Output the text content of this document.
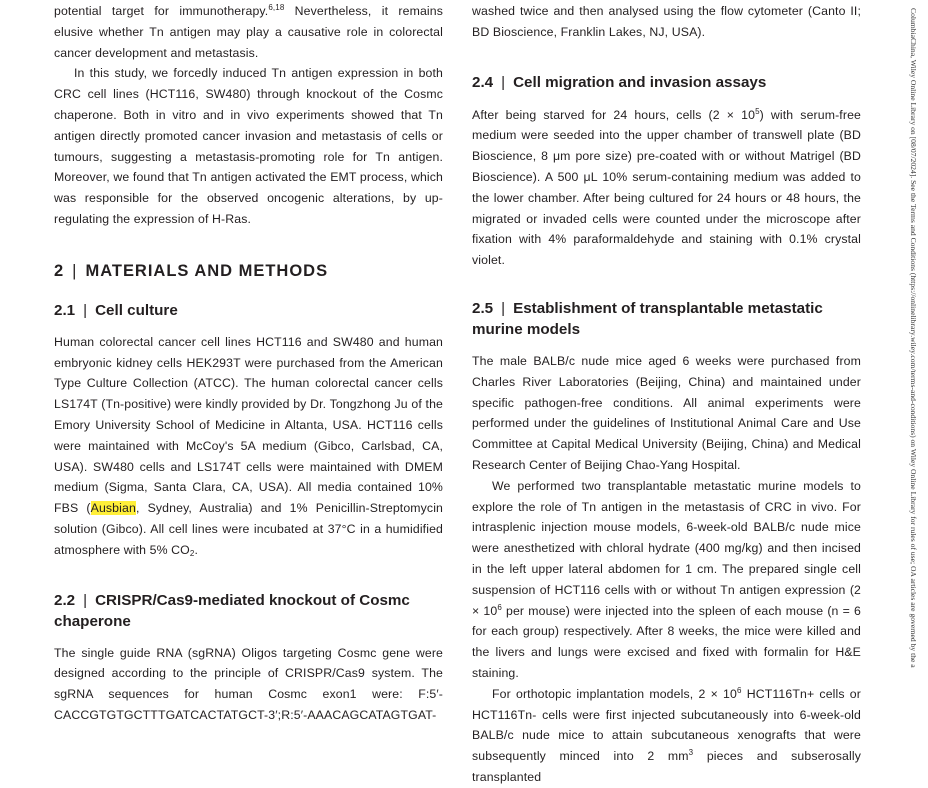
potential target for immunotherapy.$^{6,18}$ Nevertheless, it remains elusive whether Tn antigen may play a causative role in colorectal cancer development and metastasis.

In this study, we forcedly induced Tn antigen expression in both CRC cell lines (HCT116, SW480) through knockout of the Cosmc chaperone. Both in vitro and in vivo experiments showed that Tn antigen directly promoted cancer invasion and metastasis of cells or tumours, suggesting a metastasis-promoting role for Tn antigen. Moreover, we found that Tn antigen activated the EMT process, which was responsible for the observed oncogenic alterations, by up-regulating the expression of H-Ras.

2 | MATERIALS AND METHODS
2.1 | Cell culture

Human colorectal cancer cell lines HCT116 and SW480 and human embryonic kidney cells HEK293T were purchased from the American Type Culture Collection (ATCC). The human colorectal cancer cells LS174T (Tn-positive) were kindly provided by Dr. Tongzhong Ju of the Emory University School of Medicine in Altanta, USA. HCT116 cells were maintained with McCoy's 5A medium (Gibco, Carlsbad, CA, USA). SW480 cells and LS174T cells were maintained with DMEM medium (Sigma, Santa Clara, CA, USA). All media contained 10% FBS (Ausbian, Sydney, Australia) and 1% Penicillin-Streptomycin solution (Gibco). All cell lines were incubated at 37°C in a humidified atmosphere with 5% $CO_2$.

2.2 | CRISPR/Cas9-mediated knockout of Cosmc chaperone

The single guide RNA (sgRNA) Oligos targeting Cosmc gene were designed according to the principle of CRISPR/Cas9 system. The sgRNA sequences for human Cosmc exon1 were: F:5′-CACCGTGTGCTTTGATCACTATGCT-3′;R:5′-AAACAGCATAGTGAT-

washed twice and then analysed using the flow cytometer (Canto II; BD Bioscience, Franklin Lakes, NJ, USA).

2.4 | Cell migration and invasion assays

After being starved for 24 hours, cells $(2 \times 10^5)$ with serum-free medium were seeded into the upper chamber of transwell plate (BD Bioscience, 8 μm pore size) pre-coated with or without Matrigel (BD Bioscience). A 500 μL 10% serum-containing medium was added to the lower chamber. After being cultured for 24 hours or 48 hours, the migrated or invaded cells were counted under the microscope after fixation with 4% paraformaldehyde and staining with 0.1% crystal violet.

2.5 | Establishment of transplantable metastatic murine models

The male BALB/c nude mice aged 6 weeks were purchased from Charles River Laboratories (Beijing, China) and maintained under specific pathogen-free conditions. All animal experiments were performed under the guidelines of Institutional Animal Care and Use Committee at Capital Medical University (Beijing, China) and Medical Research Center of Beijing Chao-Yang Hospital.

We performed two transplantable metastatic murine models to explore the role of Tn antigen in the metastasis of CRC in vivo. For intrasplenic injection mouse models, 6-week-old BALB/c nude mice were anesthetized with chloral hydrate (400 mg/kg) and then incised in the left upper lateral abdomen for 1 cm. The prepared single cell suspension of HCT116 cells with or without Tn antigen expression ($2 \times 10^6$ per mouse) were injected into the spleen of each mouse (n = 6 for each group) respectively. After 8 weeks, the mice were killed and the livers and lungs were excised and fixed with formalin for H&E staining.

For orthotopic implantation models, $2 \times 10^6$ HCT116Tn+ cells or HCT116Tn- cells were first injected subcutaneously into 6-week-old BALB/c nude mice to attain subcutaneous xenografts that were subsequently minced into 2 $mm^3$ pieces and subserosally transplanted

ColumbiaChina, Wiley Online Library on [08/07/2024]. See the Terms and Conditions (https://onlinelibrary.wiley.com/terms-and-conditions) on Wiley Online Library for rules of use; OA articles are governed by the a
